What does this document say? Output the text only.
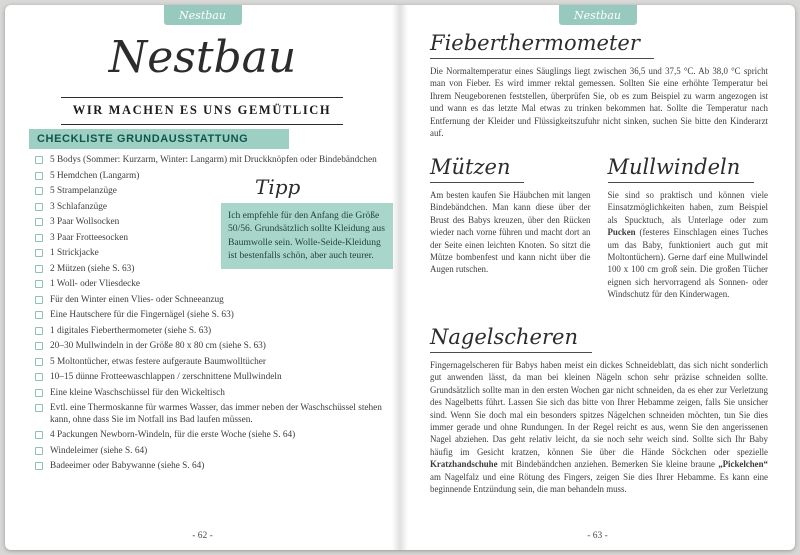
Nestbau
Nestbau
WIR MACHEN ES UNS GEMÜTLICH
CHECKLISTE GRUNDAUSSTATTUNG
5 Bodys (Sommer: Kurzarm, Winter: Langarm) mit Druckknöpfen oder Bindebändchen
5 Hemdchen (Langarm)
5 Strampelanzüge
3 Schlafanzüge
3 Paar Wollsocken
3 Paar Frotteesocken
1 Strickjacke
2 Mützen (siehe S. 63)
1 Woll- oder Vliesdecke
Für den Winter einen Vlies- oder Schneeanzug
Eine Hautschere für die Fingernägel (siehe S. 63)
1 digitales Fieberthermometer (siehe S. 63)
20–30 Mullwindeln in der Größe 80 x 80 cm (siehe S. 63)
5 Moltontücher, etwas festere aufgeraute Baumwolltücher
10–15 dünne Frotteewaschlappen / zerschnittene Mullwindeln
Eine kleine Waschschüssel für den Wickeltisch
Evtl. eine Thermoskanne für warmes Wasser, das immer neben der Waschschüssel stehen kann, ohne dass Sie im Notfall ins Bad laufen müssen.
4 Packungen Newborn-Windeln, für die erste Woche (siehe S. 64)
Windeleimer (siehe S. 64)
Badeeimer oder Babywanne (siehe S. 64)
Tipp
Ich empfehle für den Anfang die Größe 50/56. Grundsätzlich sollte Kleidung aus Baumwolle sein. Wolle-Seide-Kleidung ist bestenfalls schön, aber auch teurer.
- 62 -
Nestbau
Fieberthermometer
Die Normaltemperatur eines Säuglings liegt zwischen 36,5 und 37,5 °C. Ab 38,0 °C spricht man von Fieber. Es wird immer rektal gemessen. Sollten Sie eine erhöhte Temperatur bei Ihrem Neugeborenen feststellen, überprüfen Sie, ob es zum Beispiel zu warm angezogen ist und wann es das letzte Mal etwas zu trinken bekommen hat. Sollte die Temperatur nach Entfernung der Kleider und Flüssigkeitszufuhr nicht sinken, suchen Sie bitte den Kinderarzt auf.
Mützen
Am besten kaufen Sie Häubchen mit langen Bindebändchen. Man kann diese über der Brust des Babys kreuzen, über den Rücken wieder nach vorne führen und macht dort an der Seite einen leichten Knoten. So sitzt die Mütze bombenfest und kann nicht über die Augen rutschen.
Mullwindeln
Sie sind so praktisch und können viele Einsatzmöglichkeiten haben, zum Beispiel als Spucktuch, als Unterlage oder zum Pucken (festeres Einschlagen eines Tuches um das Baby, funktioniert auch gut mit Moltontüchern). Gerne darf eine Mullwindel 100 x 100 cm groß sein. Die großen Tücher eignen sich hervorragend als Sonnen- oder Windschutz für den Kinderwagen.
Nagelscheren
Fingernagelscheren für Babys haben meist ein dickes Schneideblatt, das sich nicht sonderlich gut anwenden lässt, da man bei kleinen Nägeln schon sehr präzise schneiden sollte. Grundsätzlich sollte man in den ersten Wochen gar nicht schneiden, da es eher zur Verletzung des Nagelbetts führt. Lassen Sie sich das bitte von Ihrer Hebamme zeigen, falls Sie unsicher sind. Wenn Sie doch mal ein besonders spitzes Nägelchen schneiden möchten, tun Sie dies immer gerade und ohne Rundungen. In der Regel reicht es aus, wenn Sie den angerissenen Nagel abziehen. Das geht relativ leicht, da sie noch sehr weich sind. Sollte sich Ihr Baby häufig im Gesicht kratzen, können Sie über die Hände Söckchen oder spezielle Kratzhandschuhe mit Bindebändchen anziehen. Bemerken Sie kleine braune „Pickelchen“ am Nagelfalz und eine Rötung des Fingers, zeigen Sie dies Ihrer Hebamme. Es kann eine beginnende Entzündung sein, die man behandeln muss.
- 63 -
